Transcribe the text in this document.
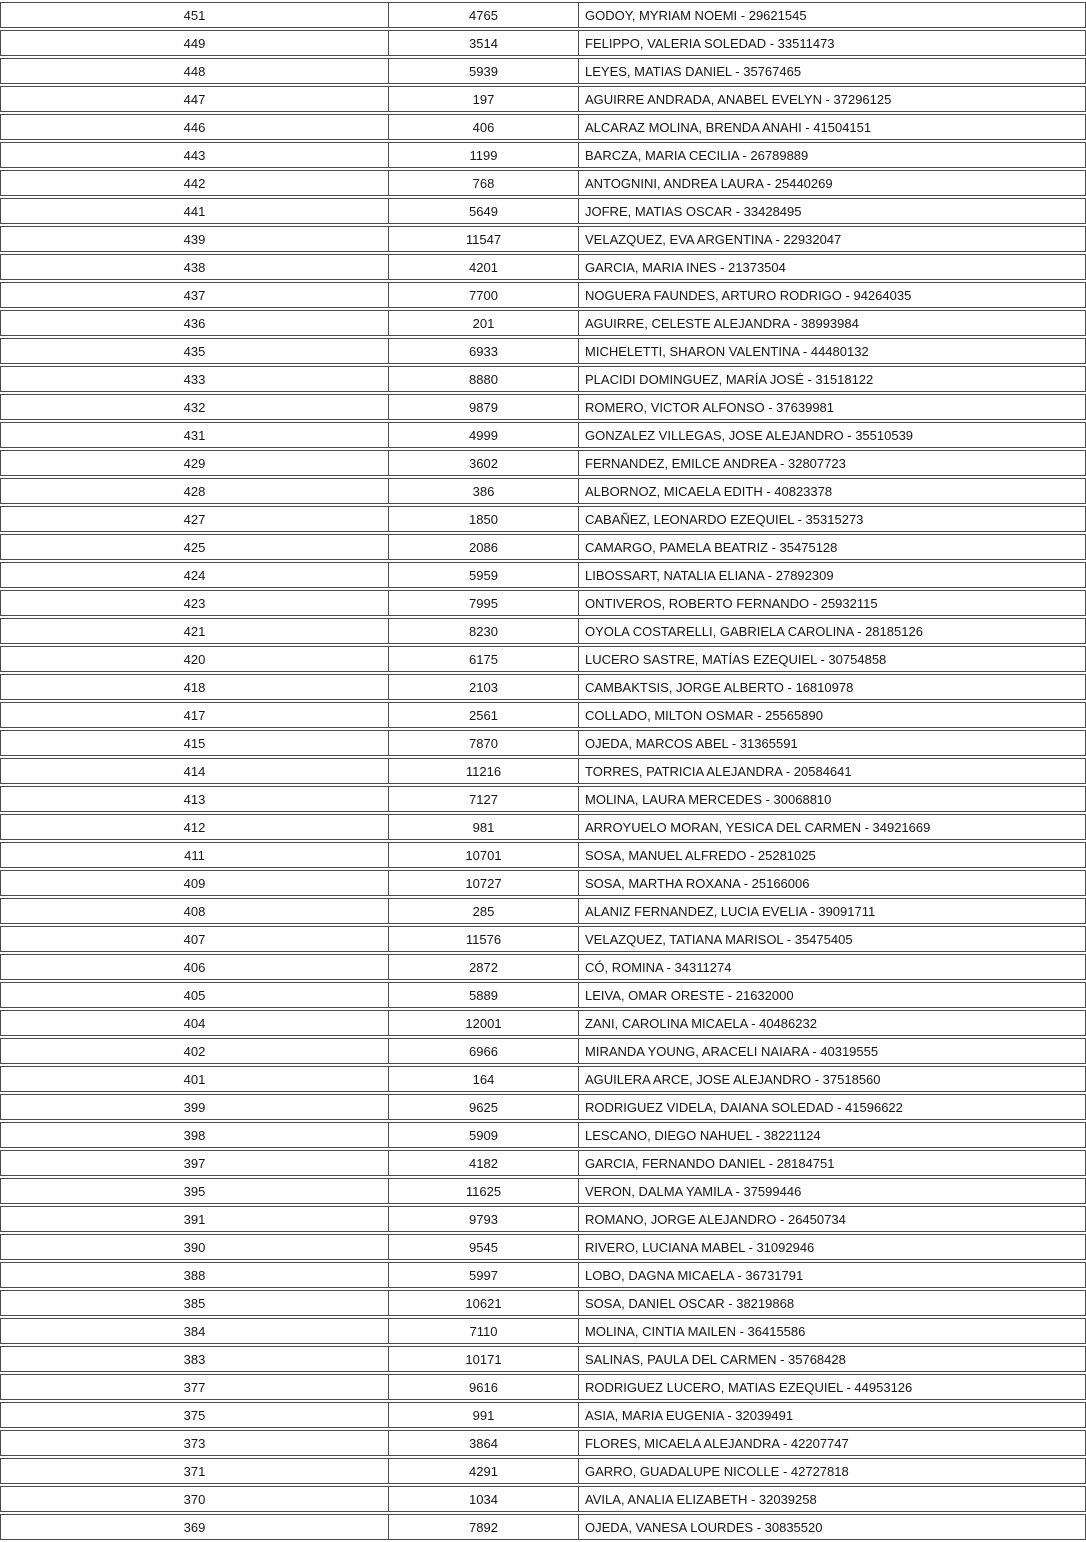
451	4765	GODOY, MYRIAM NOEMI - 29621545
449	3514	FELIPPO, VALERIA SOLEDAD - 33511473
448	5939	LEYES, MATIAS DANIEL - 35767465
447	197	AGUIRRE ANDRADA, ANABEL EVELYN - 37296125
446	406	ALCARAZ MOLINA, BRENDA ANAHI - 41504151
443	1199	BARCZA, MARIA CECILIA - 26789889
442	768	ANTOGNINI, ANDREA LAURA - 25440269
441	5649	JOFRE, MATIAS OSCAR - 33428495
439	11547	VELAZQUEZ, EVA ARGENTINA - 22932047
438	4201	GARCIA, MARIA INES - 21373504
437	7700	NOGUERA FAUNDES, ARTURO RODRIGO - 94264035
436	201	AGUIRRE, CELESTE ALEJANDRA - 38993984
435	6933	MICHELETTI, SHARON VALENTINA - 44480132
433	8880	PLACIDI DOMINGUEZ, MARÍA JOSÉ - 31518122
432	9879	ROMERO, VICTOR ALFONSO - 37639981
431	4999	GONZALEZ VILLEGAS, JOSE ALEJANDRO - 35510539
429	3602	FERNANDEZ, EMILCE ANDREA - 32807723
428	386	ALBORNOZ, MICAELA EDITH - 40823378
427	1850	CABAÑEZ, LEONARDO EZEQUIEL - 35315273
425	2086	CAMARGO, PAMELA BEATRIZ - 35475128
424	5959	LIBOSSART, NATALIA ELIANA - 27892309
423	7995	ONTIVEROS, ROBERTO FERNANDO - 25932115
421	8230	OYOLA COSTARELLI, GABRIELA CAROLINA - 28185126
420	6175	LUCERO SASTRE, MATÍAS EZEQUIEL - 30754858
418	2103	CAMBAKTSIS, JORGE ALBERTO - 16810978
417	2561	COLLADO, MILTON OSMAR - 25565890
415	7870	OJEDA, MARCOS ABEL - 31365591
414	11216	TORRES, PATRICIA ALEJANDRA - 20584641
413	7127	MOLINA, LAURA MERCEDES - 30068810
412	981	ARROYUELO MORAN, YESICA DEL CARMEN - 34921669
411	10701	SOSA, MANUEL ALFREDO - 25281025
409	10727	SOSA, MARTHA ROXANA - 25166006
408	285	ALANIZ FERNANDEZ, LUCIA EVELIA - 39091711
407	11576	VELAZQUEZ, TATIANA MARISOL - 35475405
406	2872	CÓ, ROMINA - 34311274
405	5889	LEIVA, OMAR ORESTE - 21632000
404	12001	ZANI, CAROLINA MICAELA - 40486232
402	6966	MIRANDA YOUNG, ARACELI NAIARA - 40319555
401	164	AGUILERA ARCE, JOSE ALEJANDRO - 37518560
399	9625	RODRIGUEZ VIDELA, DAIANA SOLEDAD - 41596622
398	5909	LESCANO, DIEGO NAHUEL - 38221124
397	4182	GARCIA, FERNANDO DANIEL - 28184751
395	11625	VERON, DALMA YAMILA - 37599446
391	9793	ROMANO, JORGE ALEJANDRO - 26450734
390	9545	RIVERO, LUCIANA MABEL - 31092946
388	5997	LOBO, DAGNA MICAELA - 36731791
385	10621	SOSA, DANIEL OSCAR - 38219868
384	7110	MOLINA, CINTIA MAILEN - 36415586
383	10171	SALINAS, PAULA DEL CARMEN - 35768428
377	9616	RODRIGUEZ LUCERO, MATIAS EZEQUIEL - 44953126
375	991	ASIA, MARIA EUGENIA - 32039491
373	3864	FLORES, MICAELA ALEJANDRA - 42207747
371	4291	GARRO, GUADALUPE NICOLLE - 42727818
370	1034	AVILA, ANALIA ELIZABETH - 32039258
369	7892	OJEDA, VANESA LOURDES - 30835520
